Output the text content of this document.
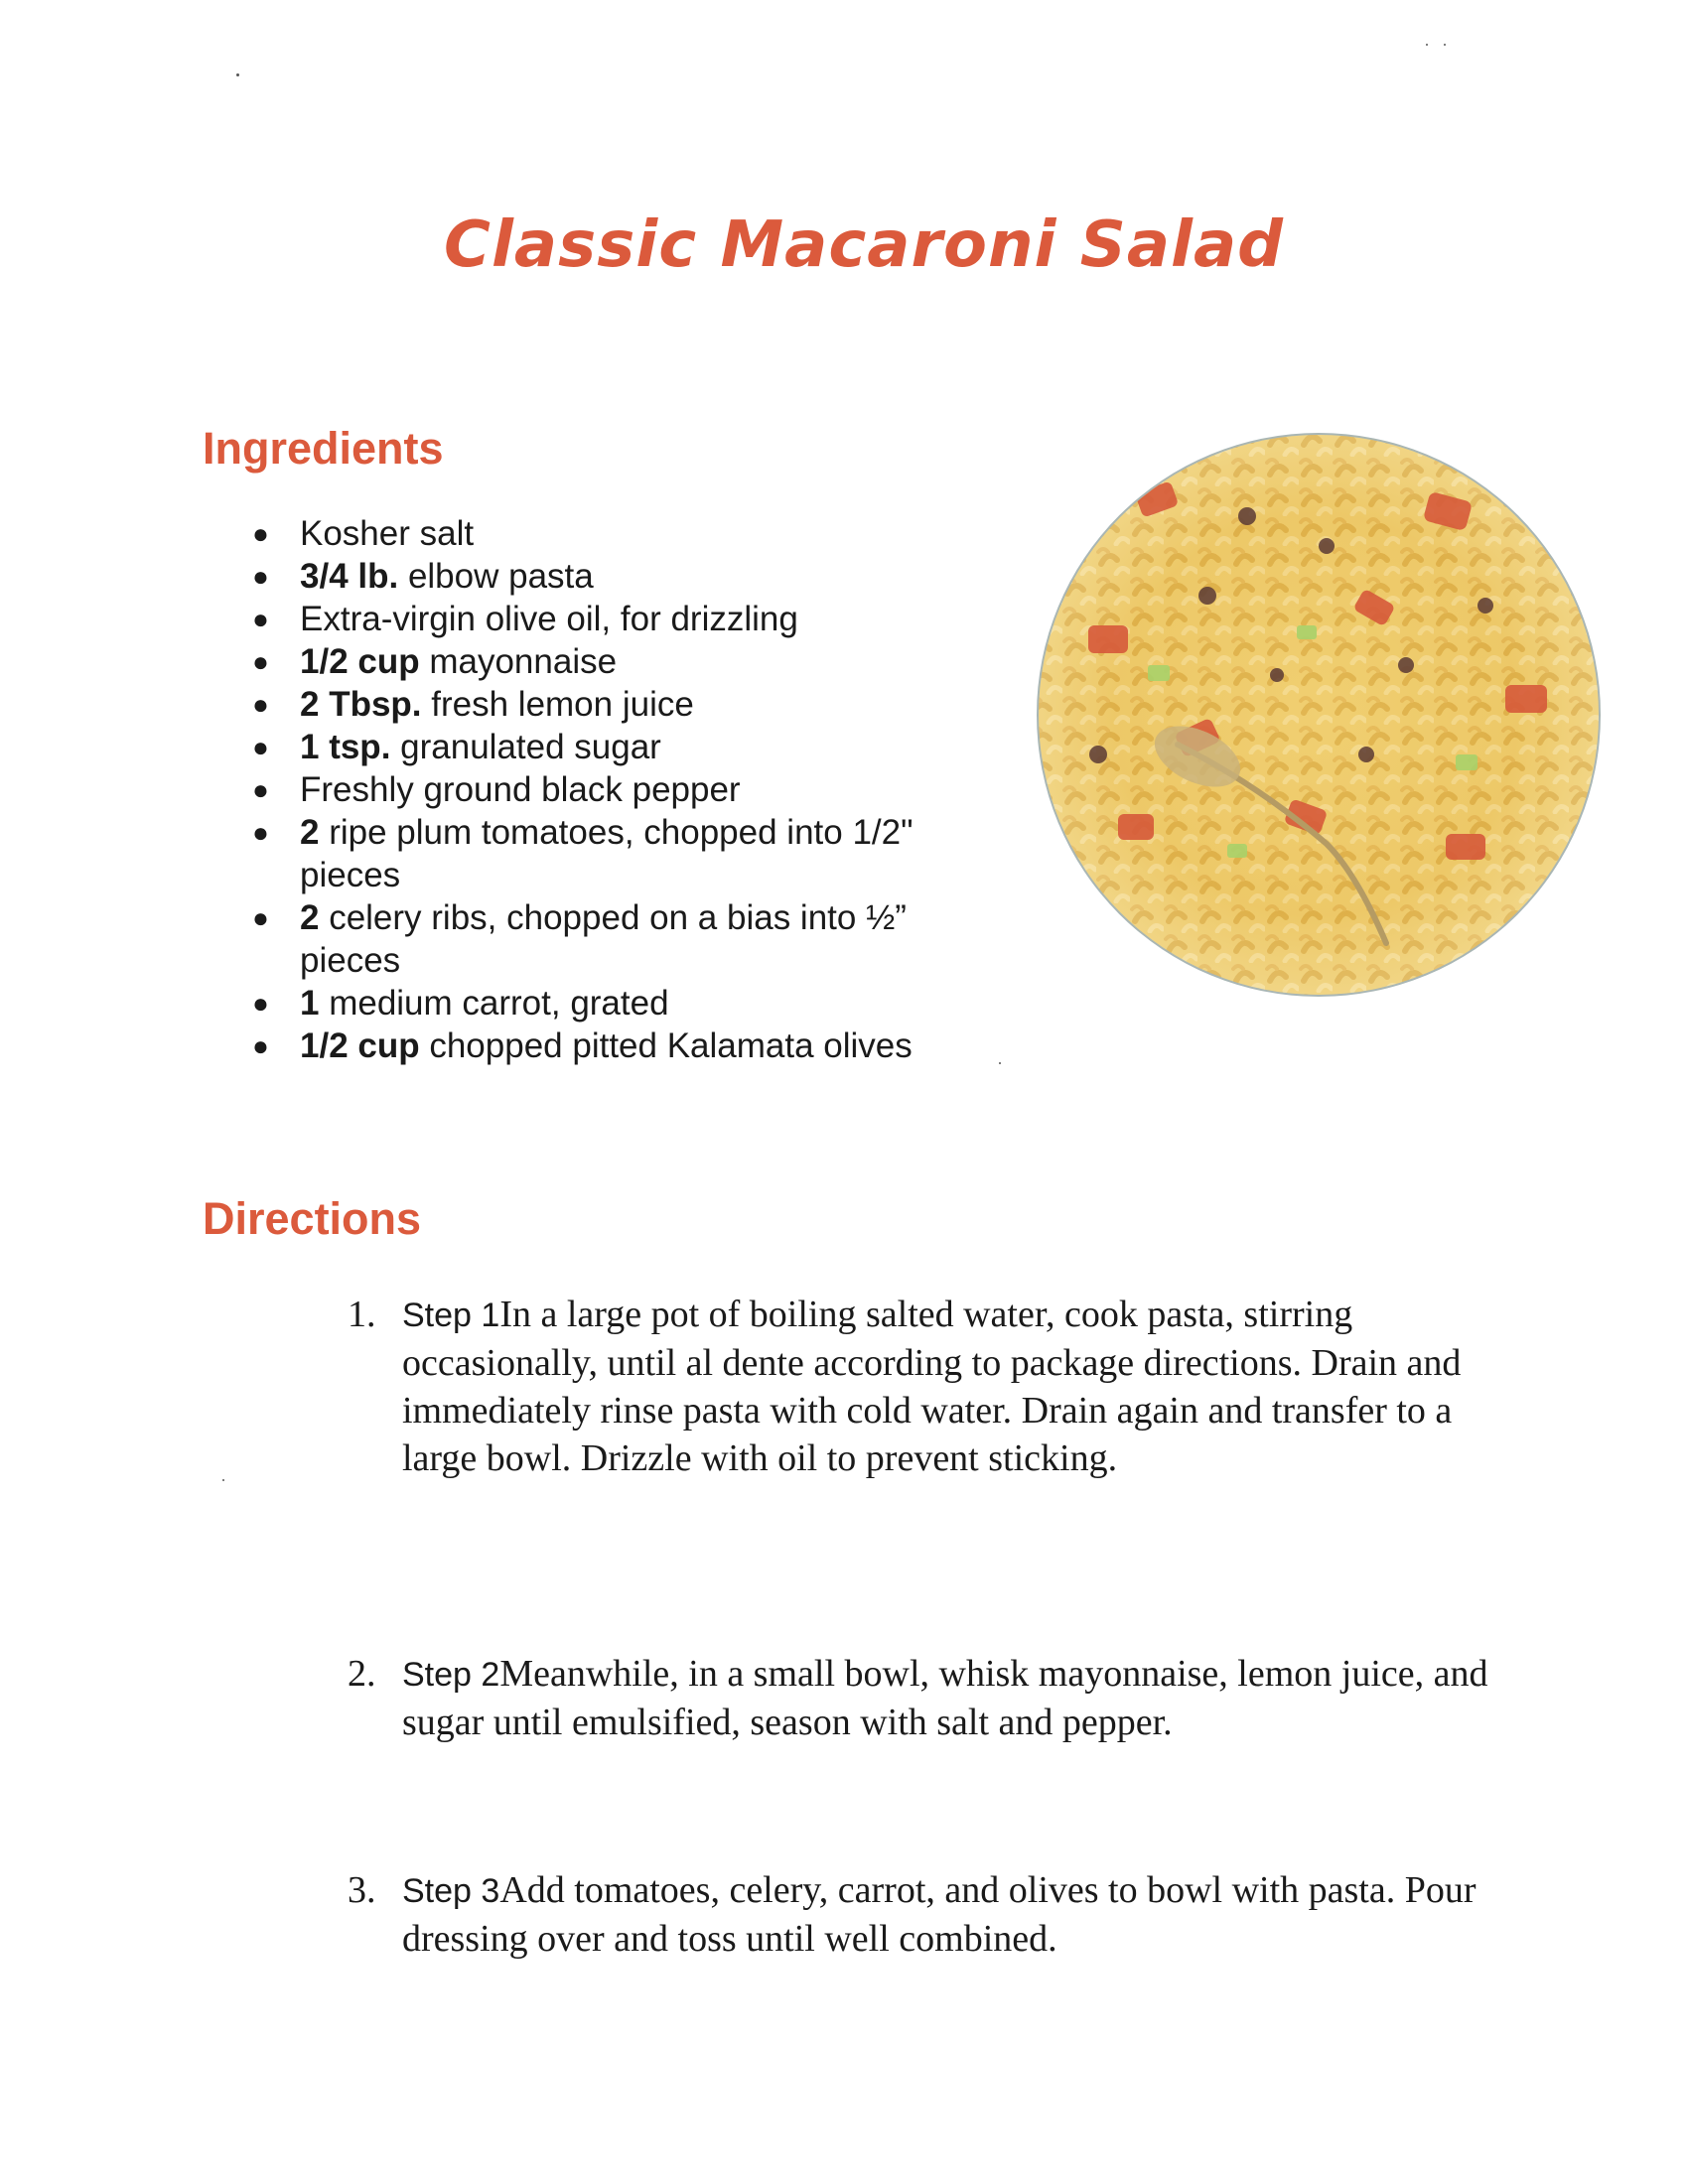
Classic Macaroni Salad
Ingredients
● Kosher salt
● 3/4 lb. elbow pasta
● Extra-virgin olive oil, for drizzling
● 1/2 cup mayonnaise
● 2 Tbsp. fresh lemon juice
● 1 tsp. granulated sugar
● Freshly ground black pepper
● 2 ripe plum tomatoes, chopped into 1/2" pieces
● 2 celery ribs, chopped on a bias into ½” pieces
● 1 medium carrot, grated
● 1/2 cup chopped pitted Kalamata olives
Directions
1. Step 1In a large pot of boiling salted water, cook pasta, stirring occasionally, until al dente according to package directions. Drain and immediately rinse pasta with cold water. Drain again and transfer to a large bowl. Drizzle with oil to prevent sticking.
2. Step 2Meanwhile, in a small bowl, whisk mayonnaise, lemon juice, and sugar until emulsified, season with salt and pepper.
3. Step 3Add tomatoes, celery, carrot, and olives to bowl with pasta. Pour dressing over and toss until well combined.
